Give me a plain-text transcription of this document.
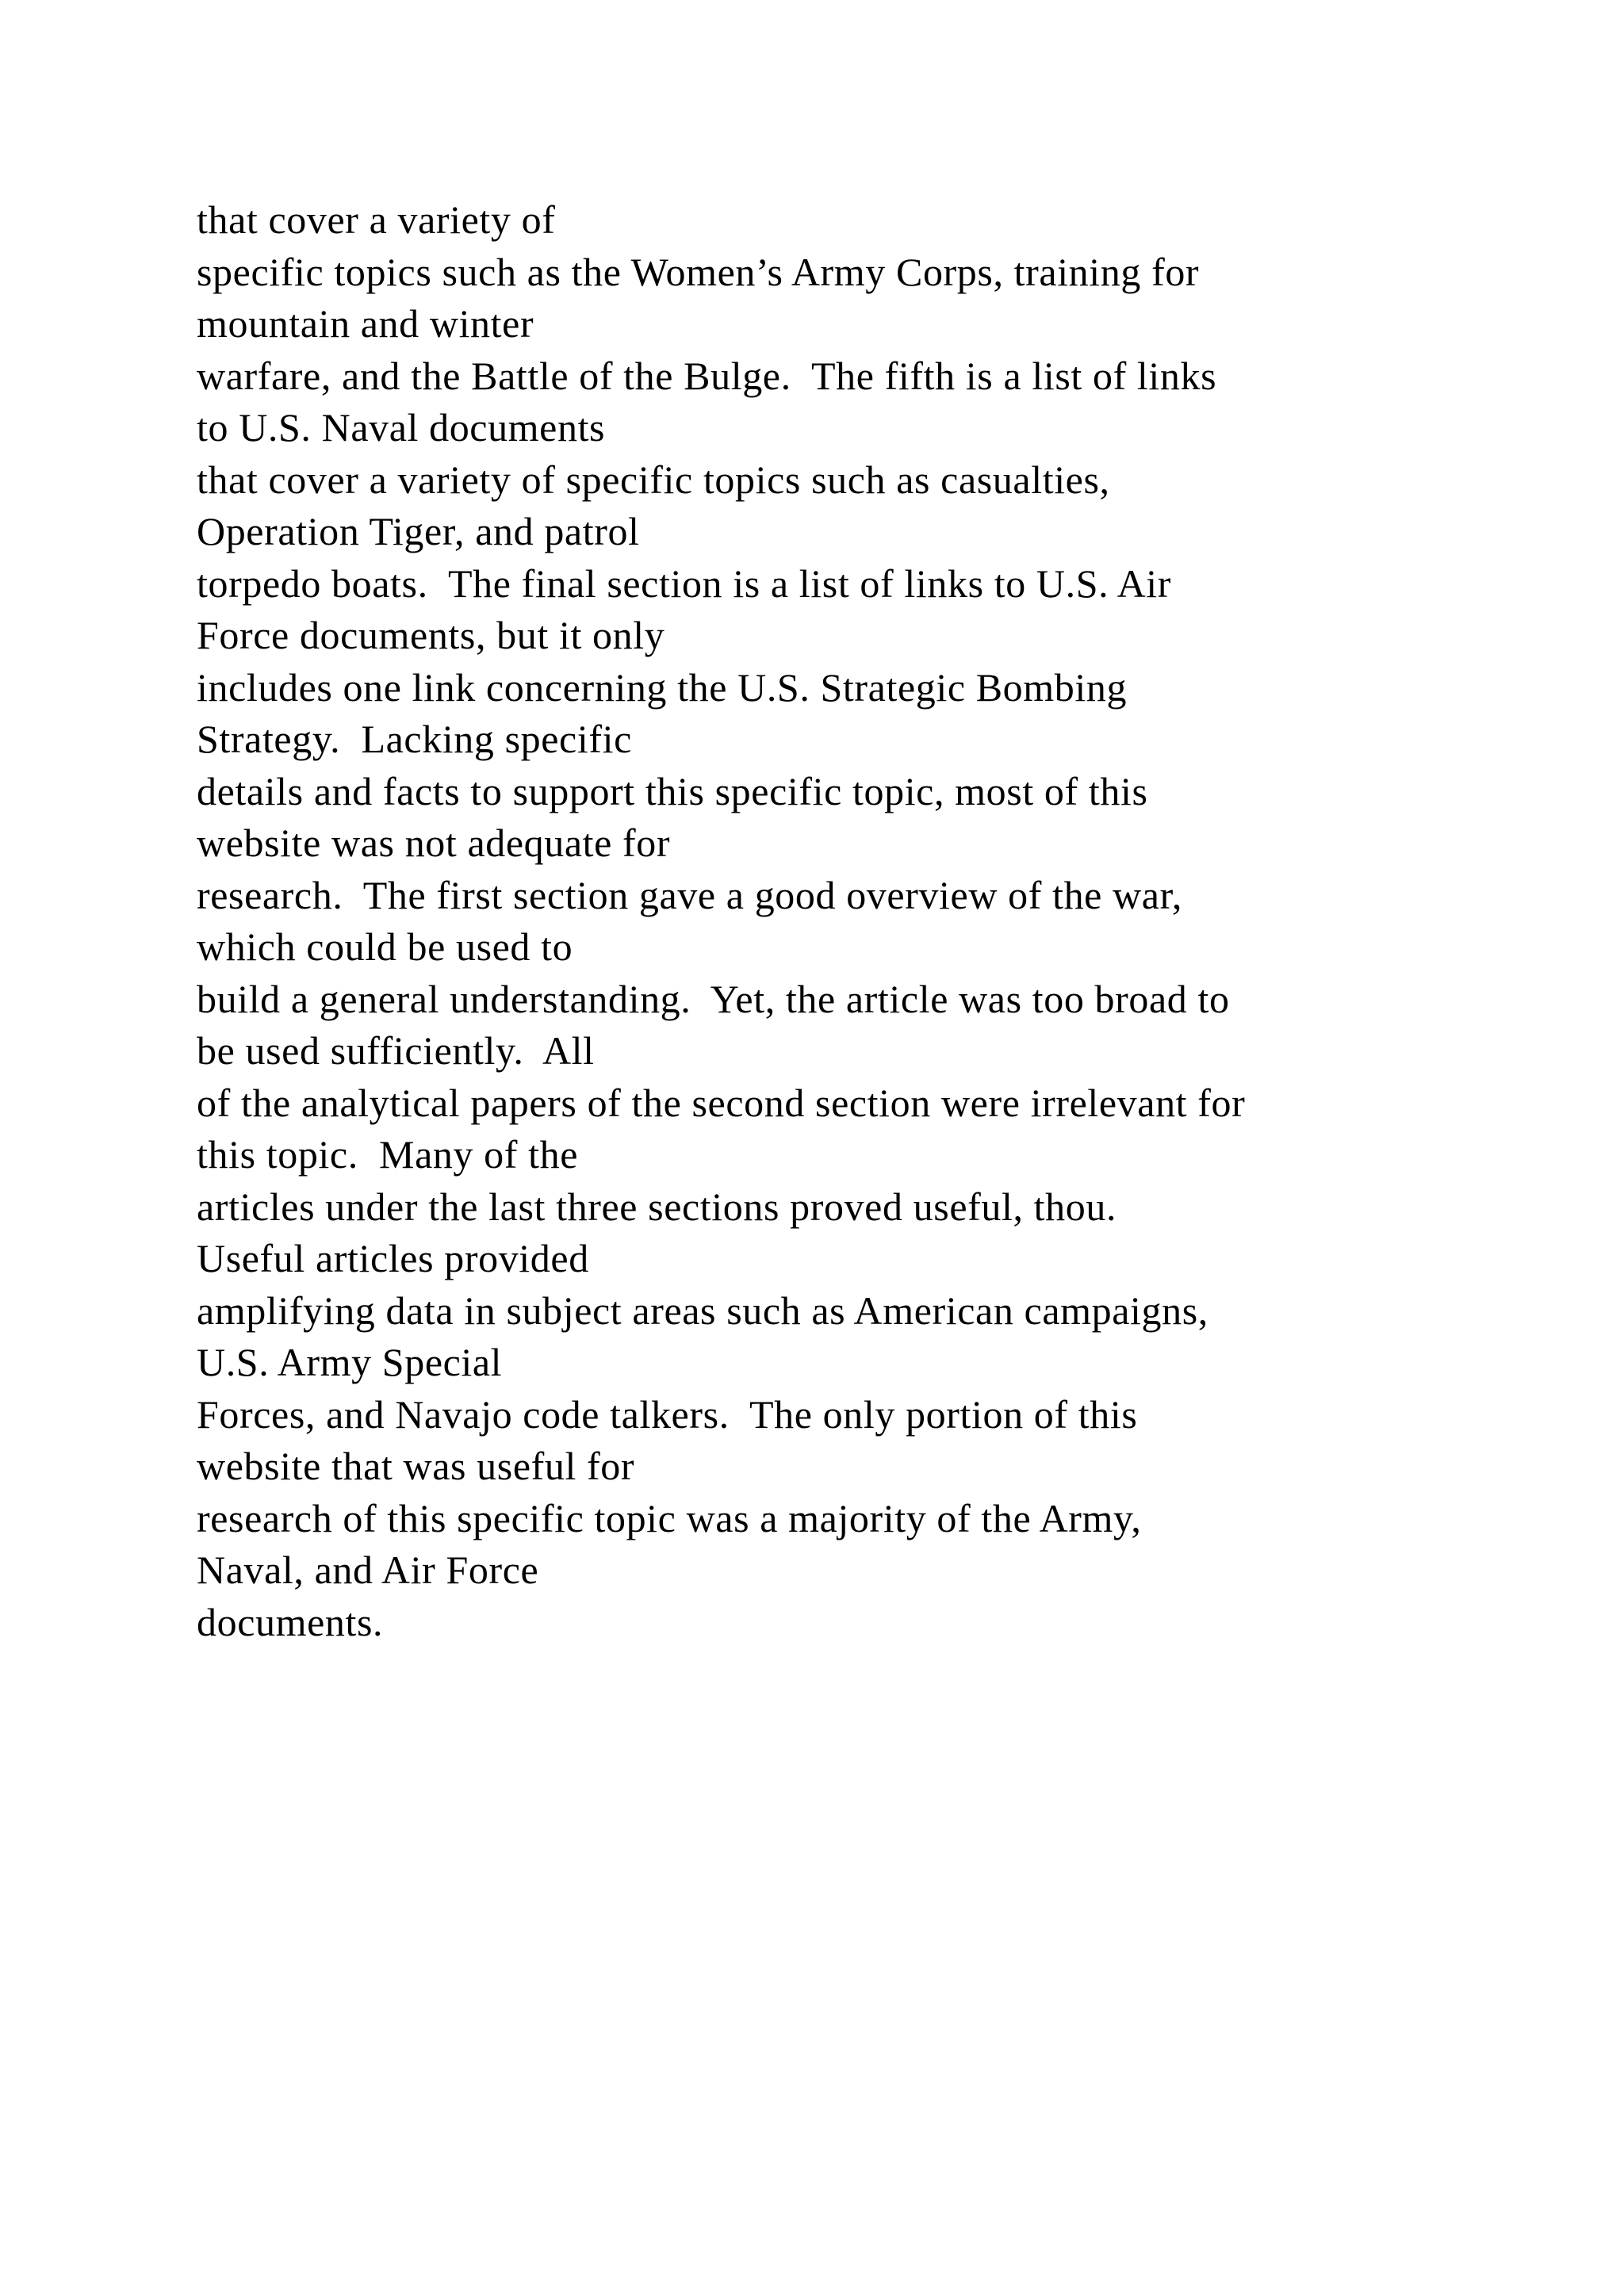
that cover a variety of
specific topics such as the Women’s Army Corps, training for
mountain and winter
warfare, and the Battle of the Bulge.  The fifth is a list of links
to U.S. Naval documents
that cover a variety of specific topics such as casualties,
Operation Tiger, and patrol
torpedo boats.  The final section is a list of links to U.S. Air
Force documents, but it only
includes one link concerning the U.S. Strategic Bombing
Strategy.  Lacking specific
details and facts to support this specific topic, most of this
website was not adequate for
research.  The first section gave a good overview of the war,
which could be used to
build a general understanding.  Yet, the article was too broad to
be used sufficiently.  All
of the analytical papers of the second section were irrelevant for
this topic.  Many of the
articles under the last three sections proved useful, thou.
Useful articles provided
amplifying data in subject areas such as American campaigns,
U.S. Army Special
Forces, and Navajo code talkers.  The only portion of this
website that was useful for
research of this specific topic was a majority of the Army,
Naval, and Air Force
documents.
